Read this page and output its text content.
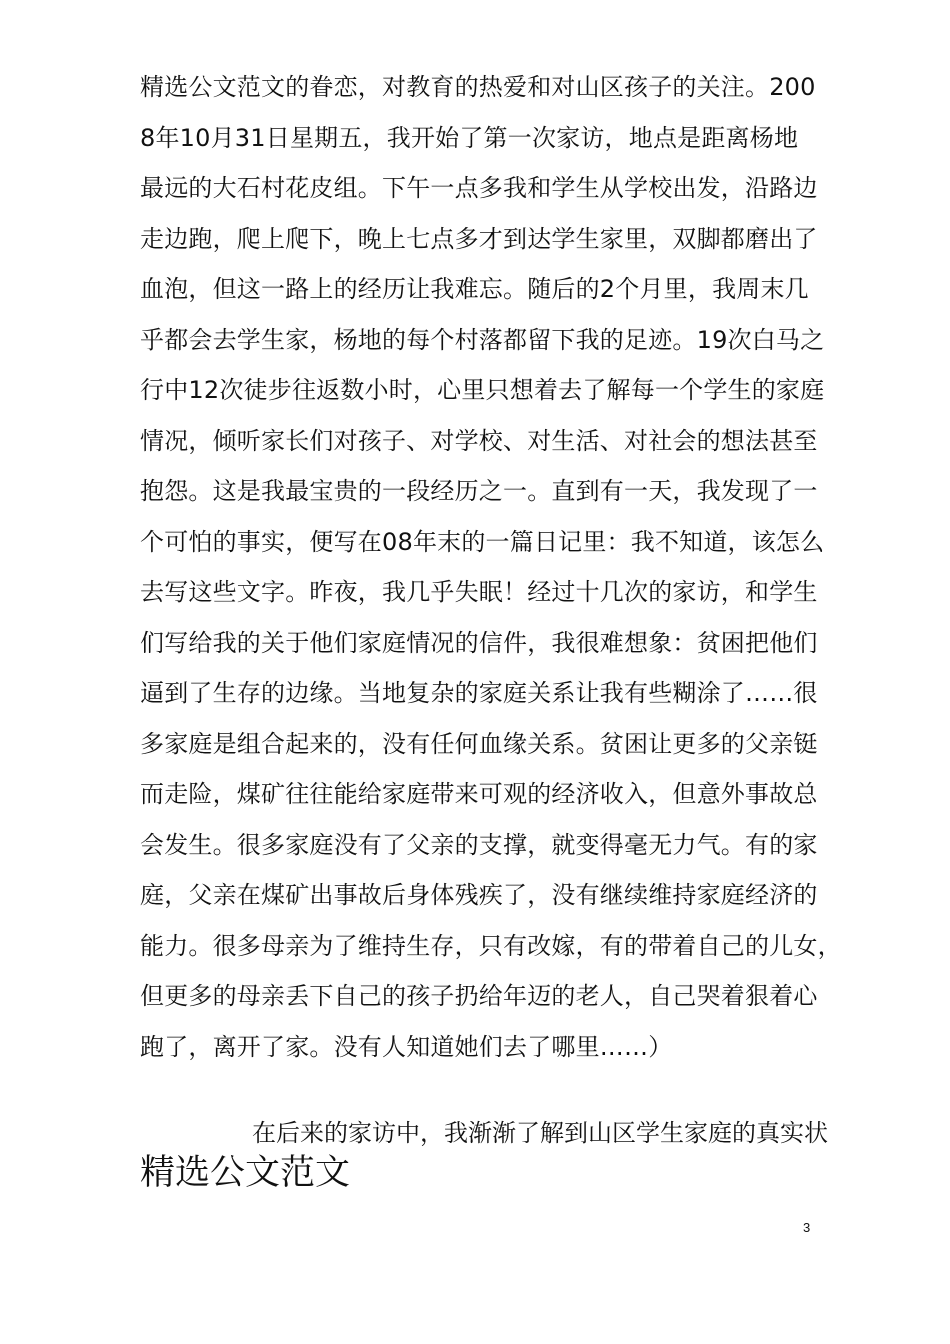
精选公文范文的眷恋，对教育的热爱和对山区孩子的关注。200
8年10月31日星期五，我开始了第一次家访，地点是距离杨地
最远的大石村花皮组。下午一点多我和学生从学校出发，沿路边
走边跑，爬上爬下，晚上七点多才到达学生家里，双脚都磨出了
血泡，但这一路上的经历让我难忘。随后的2个月里，我周末几
乎都会去学生家，杨地的每个村落都留下我的足迹。19次白马之
行中12次徒步往返数小时，心里只想着去了解每一个学生的家庭
情况，倾听家长们对孩子、对学校、对生活、对社会的想法甚至
抱怨。这是我最宝贵的一段经历之一。直到有一天，我发现了一
个可怕的事实，便写在08年末的一篇日记里：我不知道，该怎么
去写这些文字。昨夜，我几乎失眠！经过十几次的家访，和学生
们写给我的关于他们家庭情况的信件，我很难想象：贫困把他们
逼到了生存的边缘。当地复杂的家庭关系让我有些糊涂了……很
多家庭是组合起来的，没有任何血缘关系。贫困让更多的父亲铤
而走险，煤矿往往能给家庭带来可观的经济收入，但意外事故总
会发生。很多家庭没有了父亲的支撑，就变得毫无力气。有的家
庭，父亲在煤矿出事故后身体残疾了，没有继续维持家庭经济的
能力。很多母亲为了维持生存，只有改嫁，有的带着自己的儿女，
但更多的母亲丢下自己的孩子扔给年迈的老人，自己哭着狠着心
跑了，离开了家。没有人知道她们去了哪里……）
在后来的家访中，我渐渐了解到山区学生家庭的真实状
精选公文范文
3
